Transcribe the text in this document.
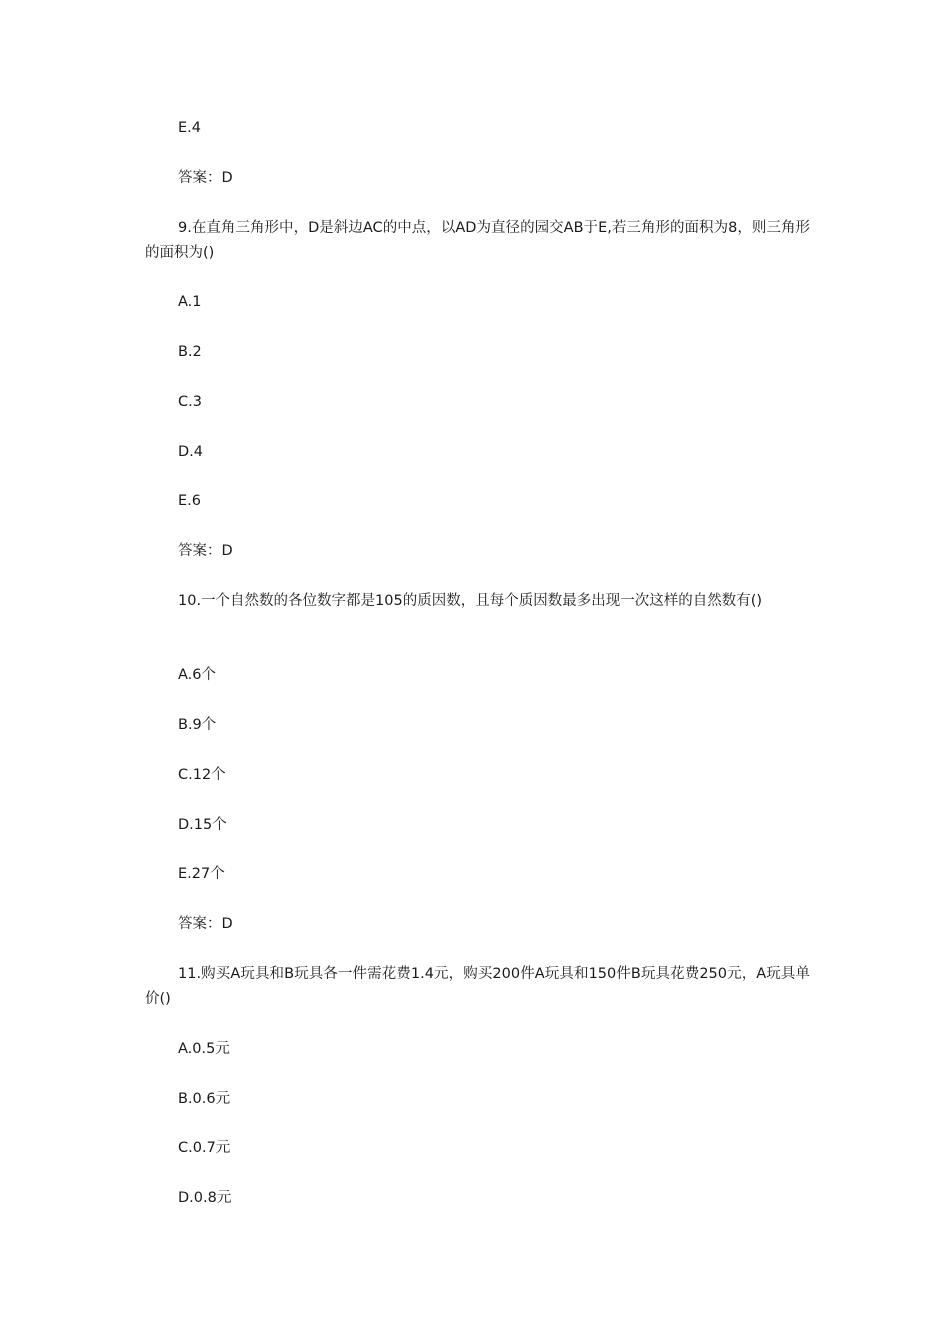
E.4
答案：D
9.在直角三角形中，D是斜边AC的中点，以AD为直径的园交AB于E,若三角形的面积为8，则三角形的面积为()
A.1
B.2
C.3
D.4
E.6
答案：D
10.一个自然数的各位数字都是105的质因数，且每个质因数最多出现一次这样的自然数有()
A.6个
B.9个
C.12个
D.15个
E.27个
答案：D
11.购买A玩具和B玩具各一件需花费1.4元，购买200件A玩具和150件B玩具花费250元，A玩具单价()
A.0.5元
B.0.6元
C.0.7元
D.0.8元
